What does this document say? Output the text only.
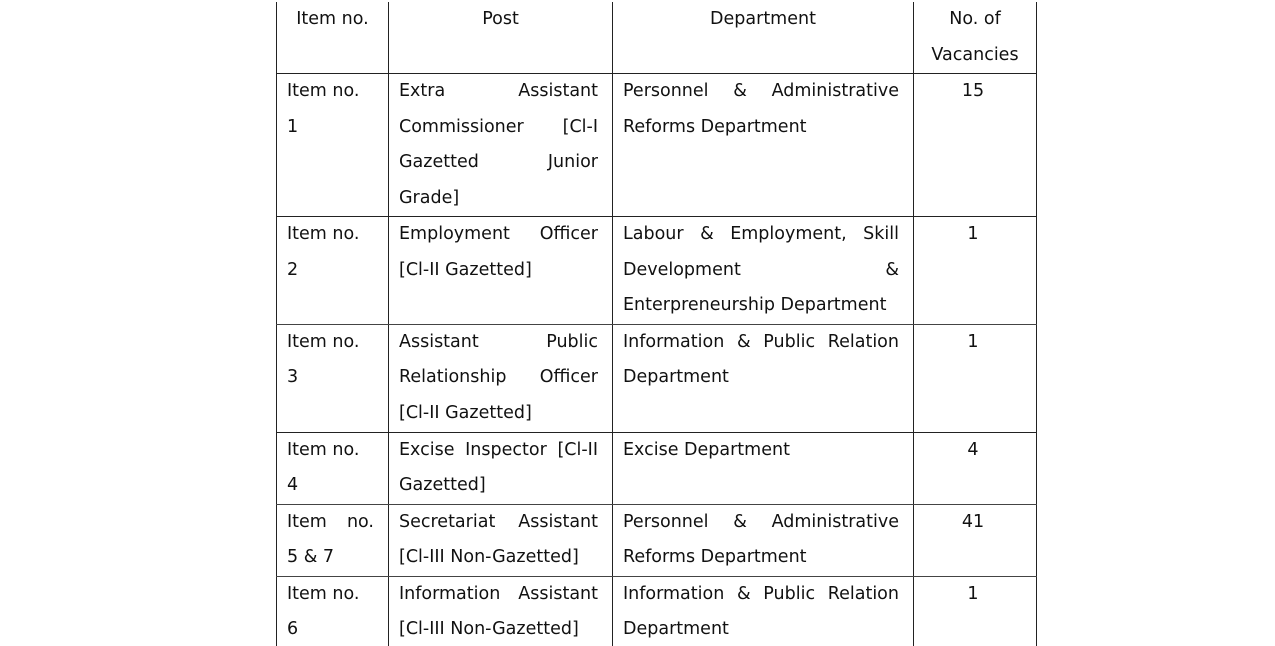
Item no.	Post	Department	No. of Vacancies
Item no. 1	Extra Assistant Commissioner [Cl-I Gazetted Junior Grade]	Personnel & Administrative Reforms Department	15
Item no. 2	Employment Officer [Cl-II Gazetted]	Labour & Employment, Skill Development & Enterpreneurship Department	1
Item no. 3	Assistant Public Relationship Officer [Cl-II Gazetted]	Information & Public Relation Department	1
Item no. 4	Excise Inspector [Cl-II Gazetted]	Excise Department	4
Item no. 5 & 7	Secretariat Assistant [Cl-III Non-Gazetted]	Personnel & Administrative Reforms Department	41
Item no. 6	Information Assistant [Cl-III Non-Gazetted]	Information & Public Relation Department	1
